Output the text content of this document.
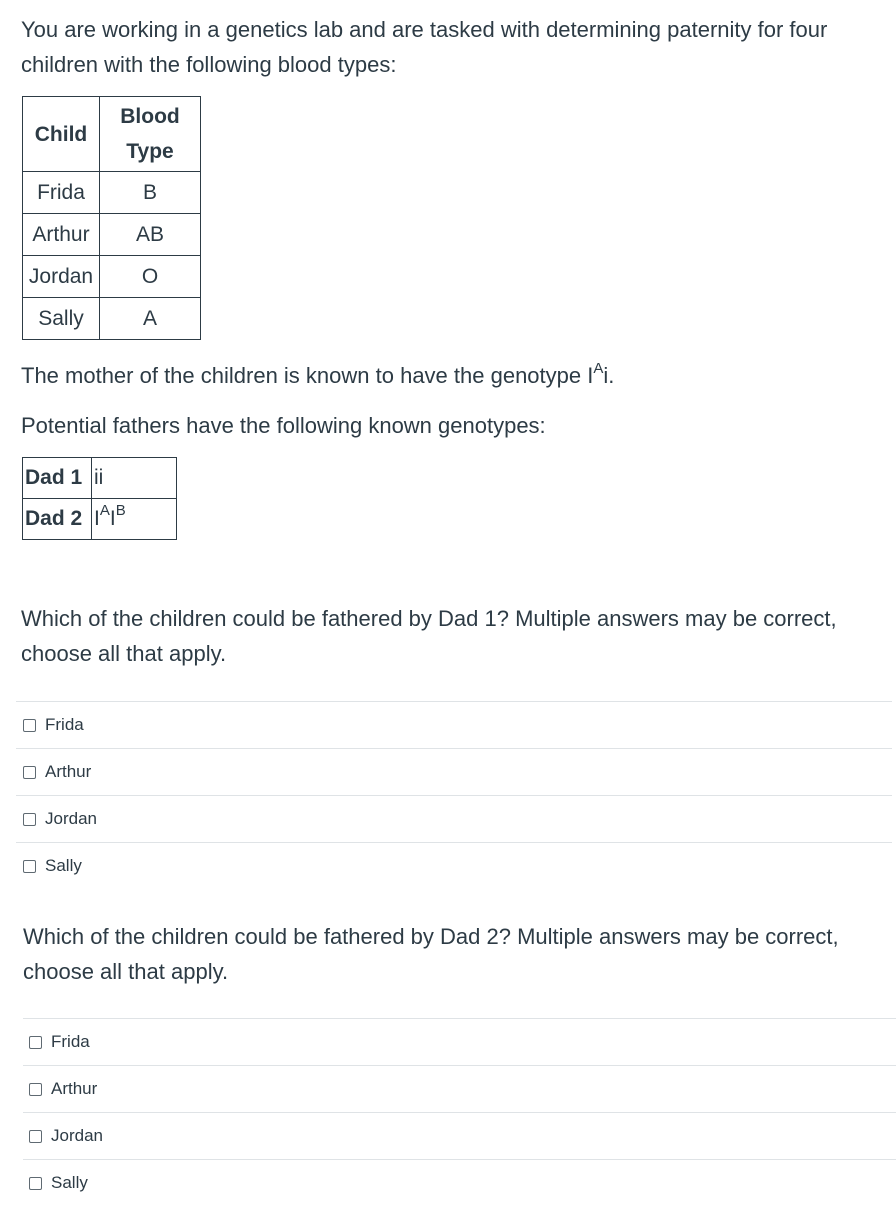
You are working in a genetics lab and are tasked with determining paternity for four children with the following blood types:

Child	Blood Type
Frida	B
Arthur	AB
Jordan	O
Sally	A

The mother of the children is known to have the genotype $I^Ai$.

Potential fathers have the following known genotypes:

Dad 1	ii
Dad 2	$I^AI^B$

Which of the children could be fathered by Dad 1? Multiple answers may be correct, choose all that apply.

Frida
Arthur
Jordan
Sally

Which of the children could be fathered by Dad 2? Multiple answers may be correct, choose all that apply.

Frida
Arthur
Jordan
Sally
